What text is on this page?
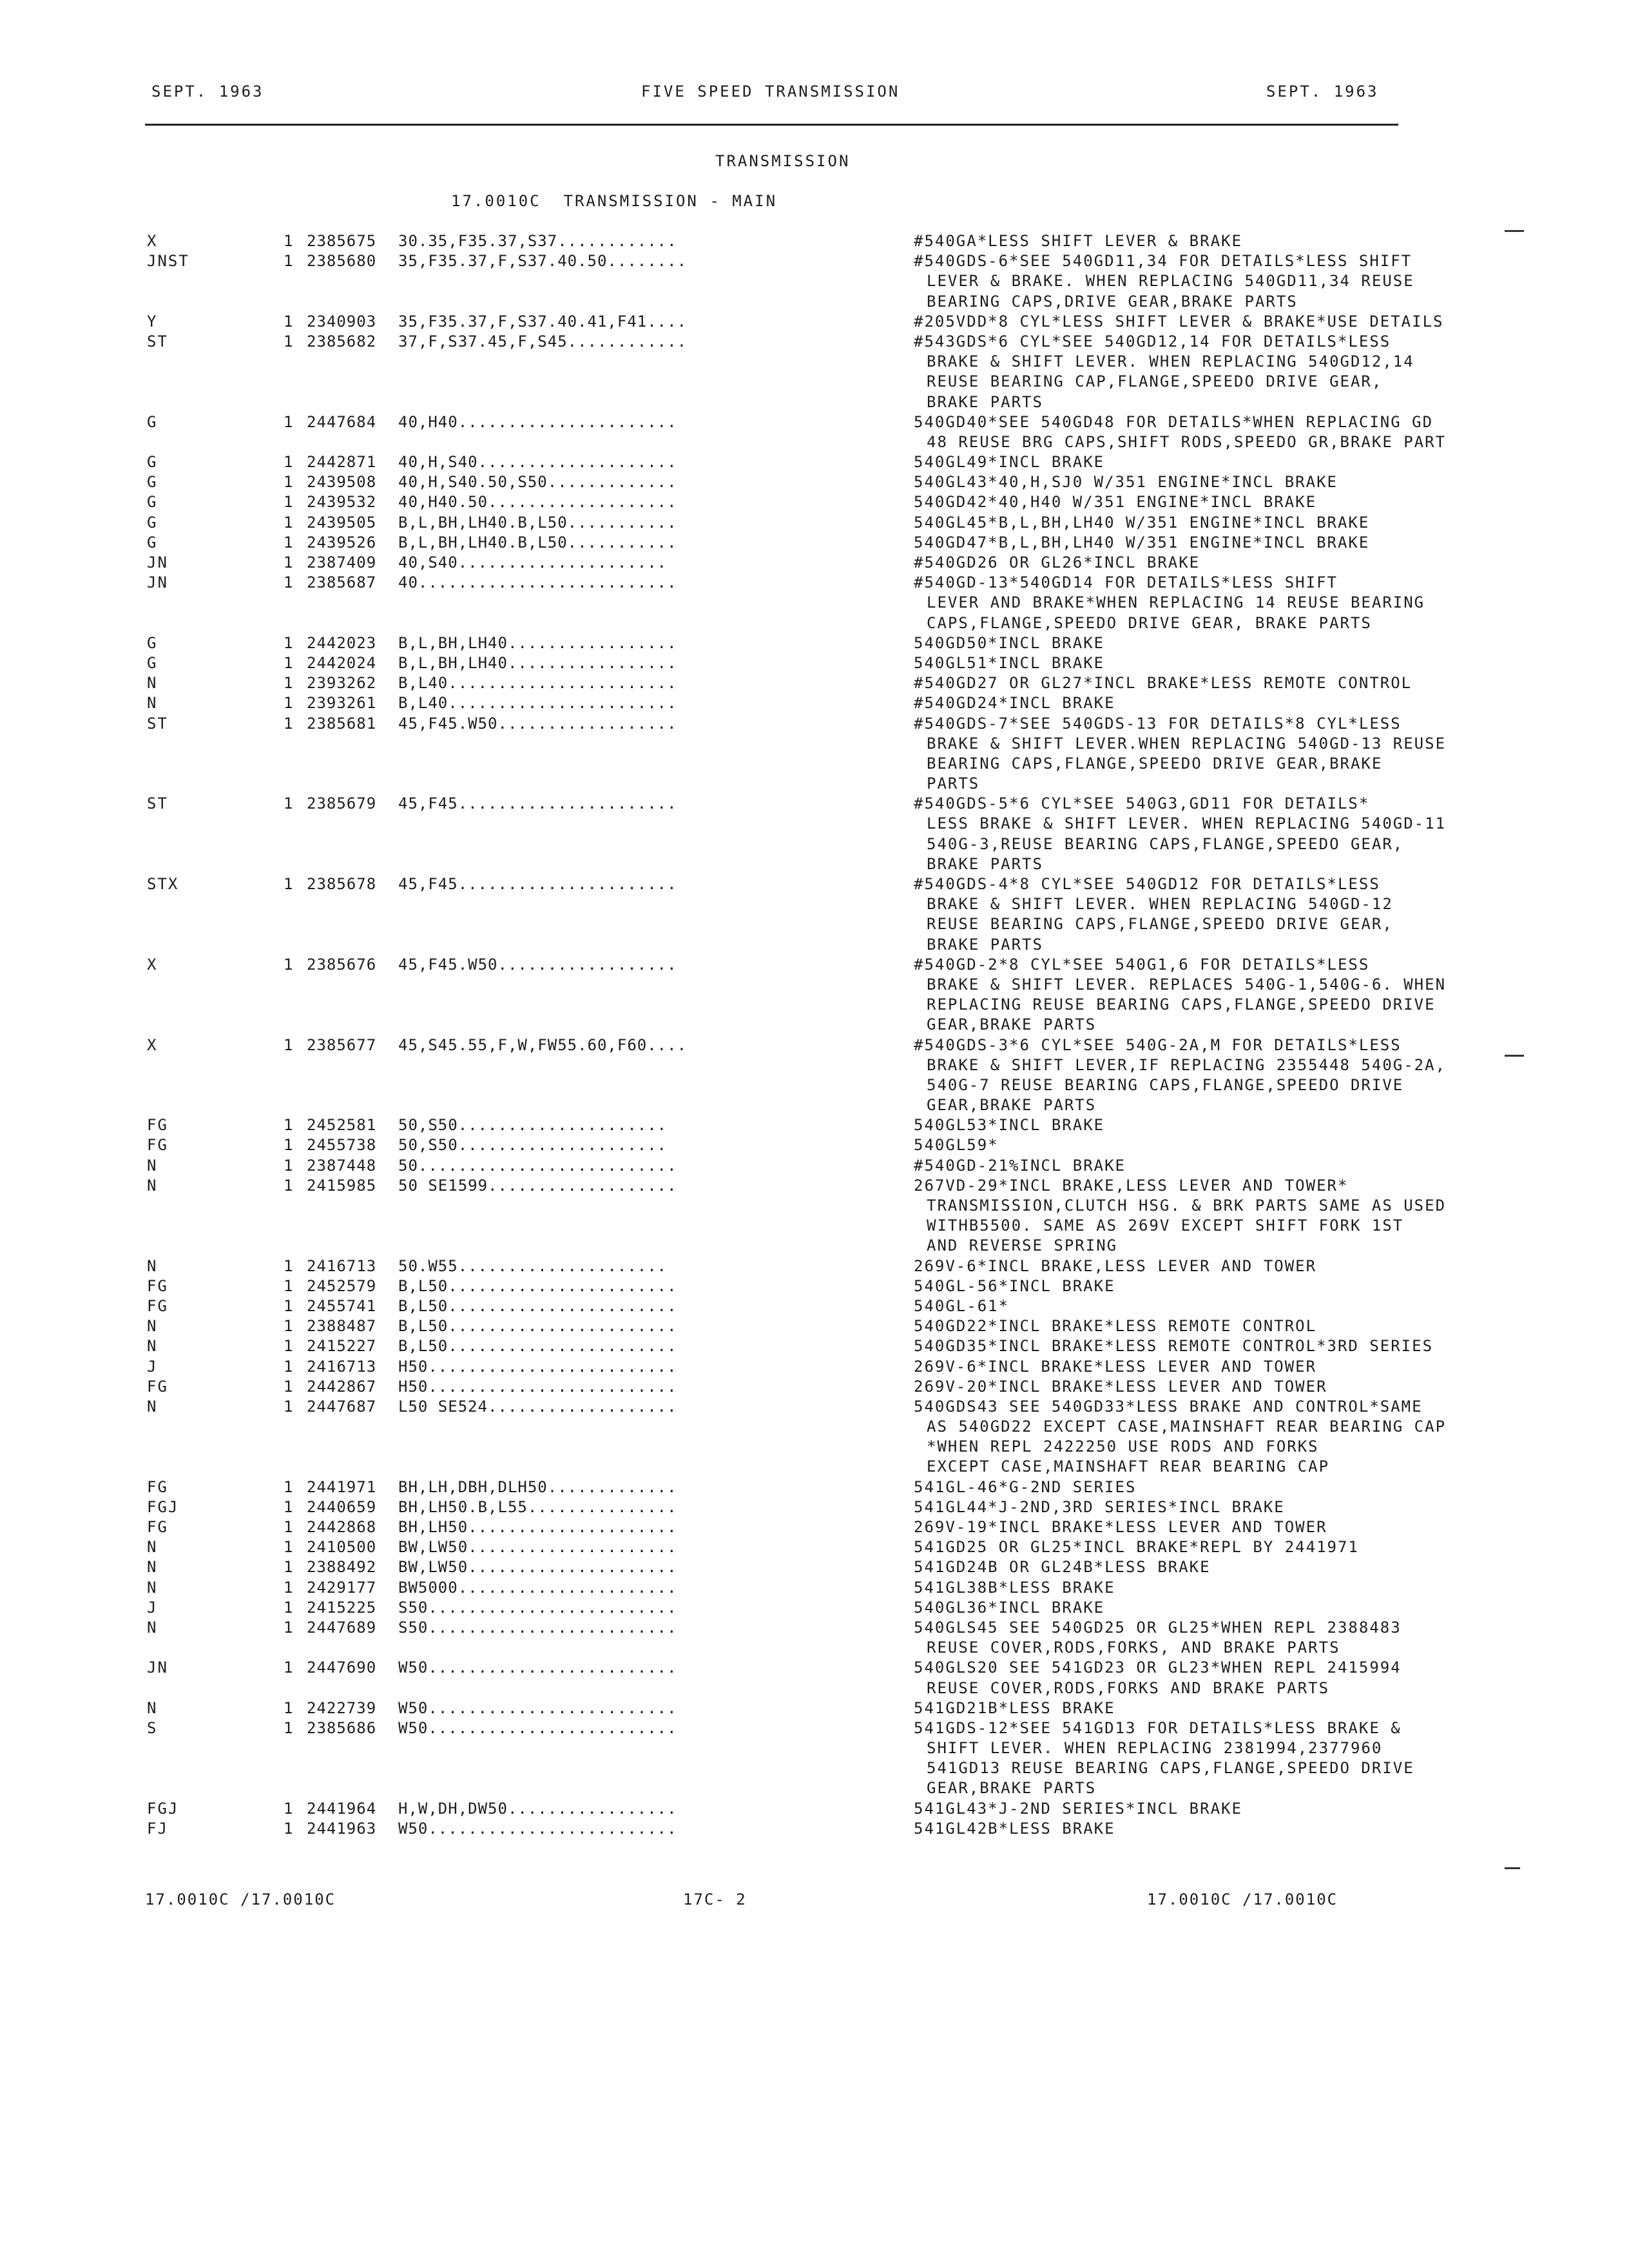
SEPT. 1963	FIVE SPEED TRANSMISSION	SEPT. 1963
TRANSMISSION
17.0010C  TRANSMISSION - MAIN
X	1 2385675 30.35,F35.37,S37............	#540GA*LESS SHIFT LEVER & BRAKE
JNST	1 2385680 35,F35.37,F,S37.40.50........	#540GDS-6*SEE 540GD11,34 FOR DETAILS*LESS SHIFT
LEVER & BRAKE. WHEN REPLACING 540GD11,34 REUSE
BEARING CAPS,DRIVE GEAR,BRAKE PARTS
Y	1 2340903 35,F35.37,F,S37.40.41,F41....	#205VDD*8 CYL*LESS SHIFT LEVER & BRAKE*USE DETAILS
ST	1 2385682 37,F,S37.45,F,S45............	#543GDS*6 CYL*SEE 540GD12,14 FOR DETAILS*LESS
BRAKE & SHIFT LEVER. WHEN REPLACING 540GD12,14
REUSE BEARING CAP,FLANGE,SPEEDO DRIVE GEAR,
BRAKE PARTS
G	1 2447684 40,H40......................	540GD40*SEE 540GD48 FOR DETAILS*WHEN REPLACING GD
48 REUSE BRG CAPS,SHIFT RODS,SPEEDO GR,BRAKE PART
G	1 2442871 40,H,S40....................	540GL49*INCL BRAKE
G	1 2439508 40,H,S40.50,S50.............	540GL43*40,H,SJ0 W/351 ENGINE*INCL BRAKE
G	1 2439532 40,H40.50...................	540GD42*40,H40 W/351 ENGINE*INCL BRAKE
G	1 2439505 B,L,BH,LH40.B,L50...........	540GL45*B,L,BH,LH40 W/351 ENGINE*INCL BRAKE
G	1 2439526 B,L,BH,LH40.B,L50...........	540GD47*B,L,BH,LH40 W/351 ENGINE*INCL BRAKE
JN	1 2387409 40,S40.....................	#540GD26 OR GL26*INCL BRAKE
JN	1 2385687 40..........................	#540GD-13*540GD14 FOR DETAILS*LESS SHIFT
LEVER AND BRAKE*WHEN REPLACING 14 REUSE BEARING
CAPS,FLANGE,SPEEDO DRIVE GEAR, BRAKE PARTS
G	1 2442023 B,L,BH,LH40.................	540GD50*INCL BRAKE
G	1 2442024 B,L,BH,LH40.................	540GL51*INCL BRAKE
N	1 2393262 B,L40.......................	#540GD27 OR GL27*INCL BRAKE*LESS REMOTE CONTROL
N	1 2393261 B,L40.......................	#540GD24*INCL BRAKE
ST	1 2385681 45,F45.W50..................	#540GDS-7*SEE 540GDS-13 FOR DETAILS*8 CYL*LESS
BRAKE & SHIFT LEVER.WHEN REPLACING 540GD-13 REUSE
BEARING CAPS,FLANGE,SPEEDO DRIVE GEAR,BRAKE
PARTS
ST	1 2385679 45,F45......................	#540GDS-5*6 CYL*SEE 540G3,GD11 FOR DETAILS*
LESS BRAKE & SHIFT LEVER. WHEN REPLACING 540GD-11
540G-3,REUSE BEARING CAPS,FLANGE,SPEEDO GEAR,
BRAKE PARTS
STX	1 2385678 45,F45......................	#540GDS-4*8 CYL*SEE 540GD12 FOR DETAILS*LESS
BRAKE & SHIFT LEVER. WHEN REPLACING 540GD-12
REUSE BEARING CAPS,FLANGE,SPEEDO DRIVE GEAR,
BRAKE PARTS
X	1 2385676 45,F45.W50..................	#540GD-2*8 CYL*SEE 540G1,6 FOR DETAILS*LESS
BRAKE & SHIFT LEVER. REPLACES 540G-1,540G-6. WHEN
REPLACING REUSE BEARING CAPS,FLANGE,SPEEDO DRIVE
GEAR,BRAKE PARTS
X	1 2385677 45,S45.55,F,W,FW55.60,F60....	#540GDS-3*6 CYL*SEE 540G-2A,M FOR DETAILS*LESS
BRAKE & SHIFT LEVER,IF REPLACING 2355448 540G-2A,
540G-7 REUSE BEARING CAPS,FLANGE,SPEEDO DRIVE
GEAR,BRAKE PARTS
FG	1 2452581 50,S50.....................	540GL53*INCL BRAKE
FG	1 2455738 50,S50.....................	540GL59*
N	1 2387448 50..........................	#540GD-21%INCL BRAKE
N	1 2415985 50 SE1599...................	267VD-29*INCL BRAKE,LESS LEVER AND TOWER*
TRANSMISSION,CLUTCH HSG. & BRK PARTS SAME AS USED
WITHB5500. SAME AS 269V EXCEPT SHIFT FORK 1ST
AND REVERSE SPRING
N	1 2416713 50.W55.....................	269V-6*INCL BRAKE,LESS LEVER AND TOWER
FG	1 2452579 B,L50.......................	540GL-56*INCL BRAKE
FG	1 2455741 B,L50.......................	540GL-61*
N	1 2388487 B,L50.......................	540GD22*INCL BRAKE*LESS REMOTE CONTROL
N	1 2415227 B,L50.......................	540GD35*INCL BRAKE*LESS REMOTE CONTROL*3RD SERIES
J	1 2416713 H50.........................	269V-6*INCL BRAKE*LESS LEVER AND TOWER
FG	1 2442867 H50.........................	269V-20*INCL BRAKE*LESS LEVER AND TOWER
N	1 2447687 L50 SE524...................	540GDS43 SEE 540GD33*LESS BRAKE AND CONTROL*SAME
AS 540GD22 EXCEPT CASE,MAINSHAFT REAR BEARING CAP
*WHEN REPL 2422250 USE RODS AND FORKS
EXCEPT CASE,MAINSHAFT REAR BEARING CAP
FG	1 2441971 BH,LH,DBH,DLH50.............	541GL-46*G-2ND SERIES
FGJ	1 2440659 BH,LH50.B,L55...............	541GL44*J-2ND,3RD SERIES*INCL BRAKE
FG	1 2442868 BH,LH50.....................	269V-19*INCL BRAKE*LESS LEVER AND TOWER
N	1 2410500 BW,LW50.....................	541GD25 OR GL25*INCL BRAKE*REPL BY 2441971
N	1 2388492 BW,LW50.....................	541GD24B OR GL24B*LESS BRAKE
N	1 2429177 BW5000......................	541GL38B*LESS BRAKE
J	1 2415225 S50.........................	540GL36*INCL BRAKE
N	1 2447689 S50.........................	540GLS45 SEE 540GD25 OR GL25*WHEN REPL 2388483
REUSE COVER,RODS,FORKS, AND BRAKE PARTS
JN	1 2447690 W50.........................	540GLS20 SEE 541GD23 OR GL23*WHEN REPL 2415994
REUSE COVER,RODS,FORKS AND BRAKE PARTS
N	1 2422739 W50.........................	541GD21B*LESS BRAKE
S	1 2385686 W50.........................	541GDS-12*SEE 541GD13 FOR DETAILS*LESS BRAKE &
SHIFT LEVER. WHEN REPLACING 2381994,2377960
541GD13 REUSE BEARING CAPS,FLANGE,SPEEDO DRIVE
GEAR,BRAKE PARTS
FGJ	1 2441964 H,W,DH,DW50.................	541GL43*J-2ND SERIES*INCL BRAKE
FJ	1 2441963 W50.........................	541GL42B*LESS BRAKE
17.0010C /17.0010C	17C- 2	17.0010C /17.0010C
